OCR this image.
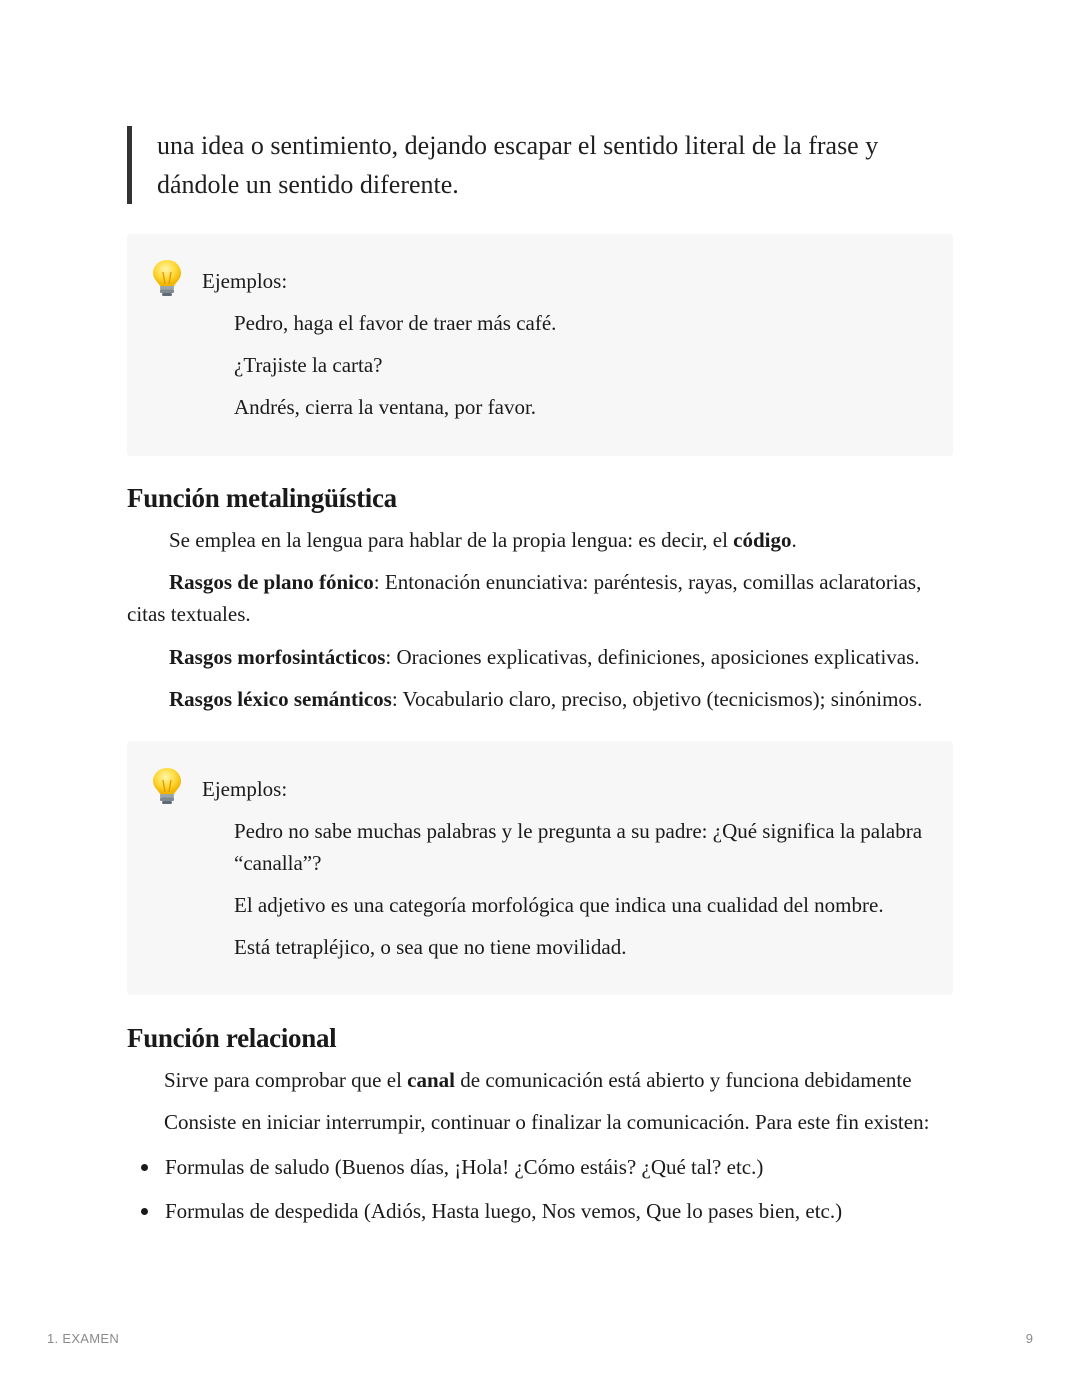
una idea o sentimiento, dejando escapar el sentido literal de la frase y
dándole un sentido diferente.
Ejemplos:
Pedro, haga el favor de traer más café.
¿Trajiste la carta?
Andrés, cierra la ventana, por favor.
Función metalingüística
Se emplea en la lengua para hablar de la propia lengua: es decir, el código.
Rasgos de plano fónico: Entonación enunciativa: paréntesis, rayas, comillas aclaratorias,
citas textuales.
Rasgos morfosintácticos: Oraciones explicativas, definiciones, aposiciones explicativas.
Rasgos léxico semánticos: Vocabulario claro, preciso, objetivo (tecnicismos); sinónimos.
Ejemplos:
Pedro no sabe muchas palabras y le pregunta a su padre: ¿Qué significa la palabra
“canalla”?
El adjetivo es una categoría morfológica que indica una cualidad del nombre.
Está tetrapléjico, o sea que no tiene movilidad.
Función relacional
Sirve para comprobar que el canal de comunicación está abierto y funciona debidamente
Consiste en iniciar interrumpir, continuar o finalizar la comunicación. Para este fin existen:
Formulas de saludo (Buenos días, ¡Hola! ¿Cómo estáis? ¿Qué tal? etc.)
Formulas de despedida (Adiós, Hasta luego, Nos vemos, Que lo pases bien, etc.)
1. EXAMEN	9
